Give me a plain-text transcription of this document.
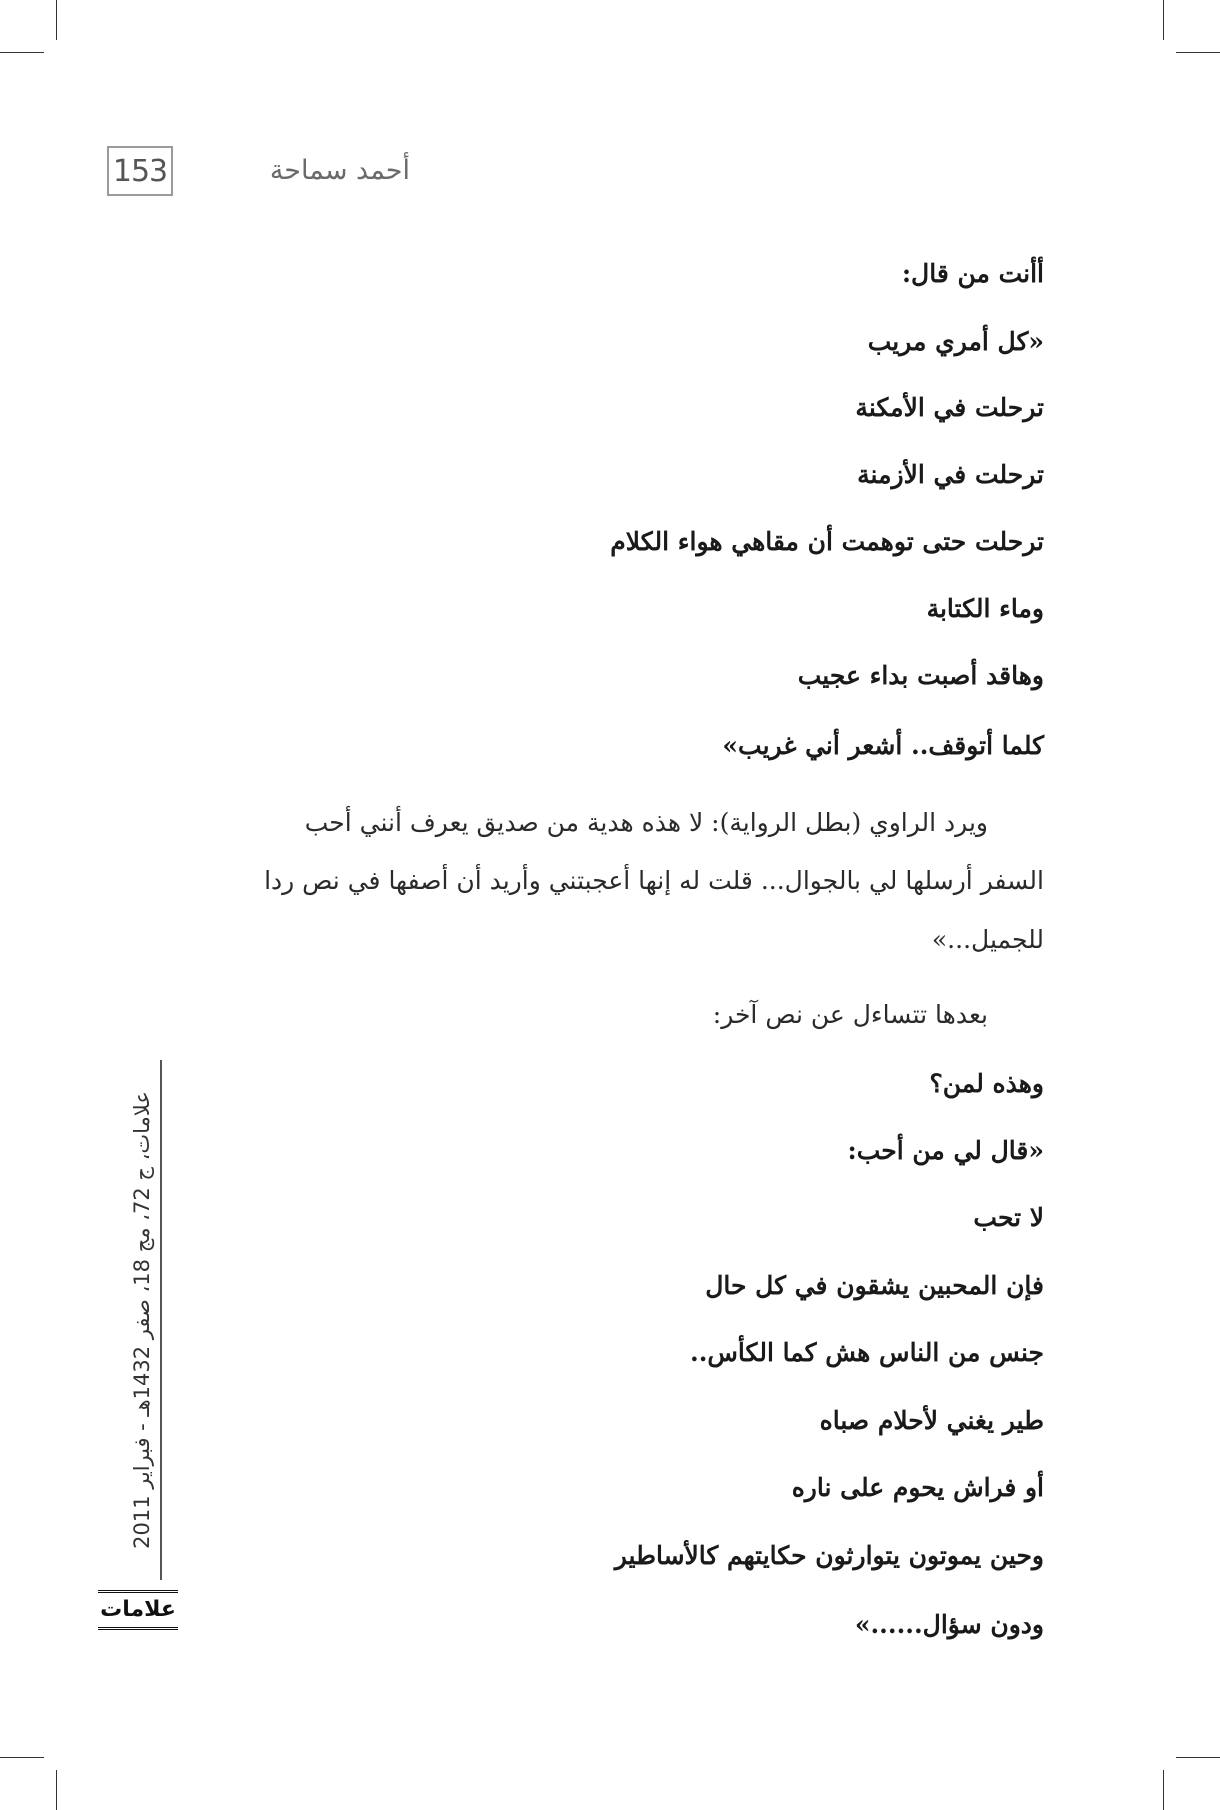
153	أحمد سماحة
أأنت من قال:
«كل أمري مريب
ترحلت في الأمكنة
ترحلت في الأزمنة
ترحلت حتى توهمت أن مقاهي هواء الكلام
وماء الكتابة
وهاقد أصبت بداء عجيب
كلما أتوقف.. أشعر أني غريب»
ويرد الراوي (بطل الرواية): لا هذه هدية من صديق يعرف أنني أحب
السفر أرسلها لي بالجوال... قلت له إنها أعجبتني وأريد أن أصفها في نص ردا
للجميل...»
بعدها تتساءل عن نص آخر:
وهذه لمن؟
«قال لي من أحب:
لا تحب
فإن المحبين يشقون في كل حال
جنس من الناس هش كما الكأس..
طير يغني لأحلام صباه
أو فراش يحوم على ناره
وحين يموتون يتوارثون حكايتهم كالأساطير
ودون سؤال......»
علامات، ج 72، مج 18، صفر 1432هـ - فبراير 2011
علامات
